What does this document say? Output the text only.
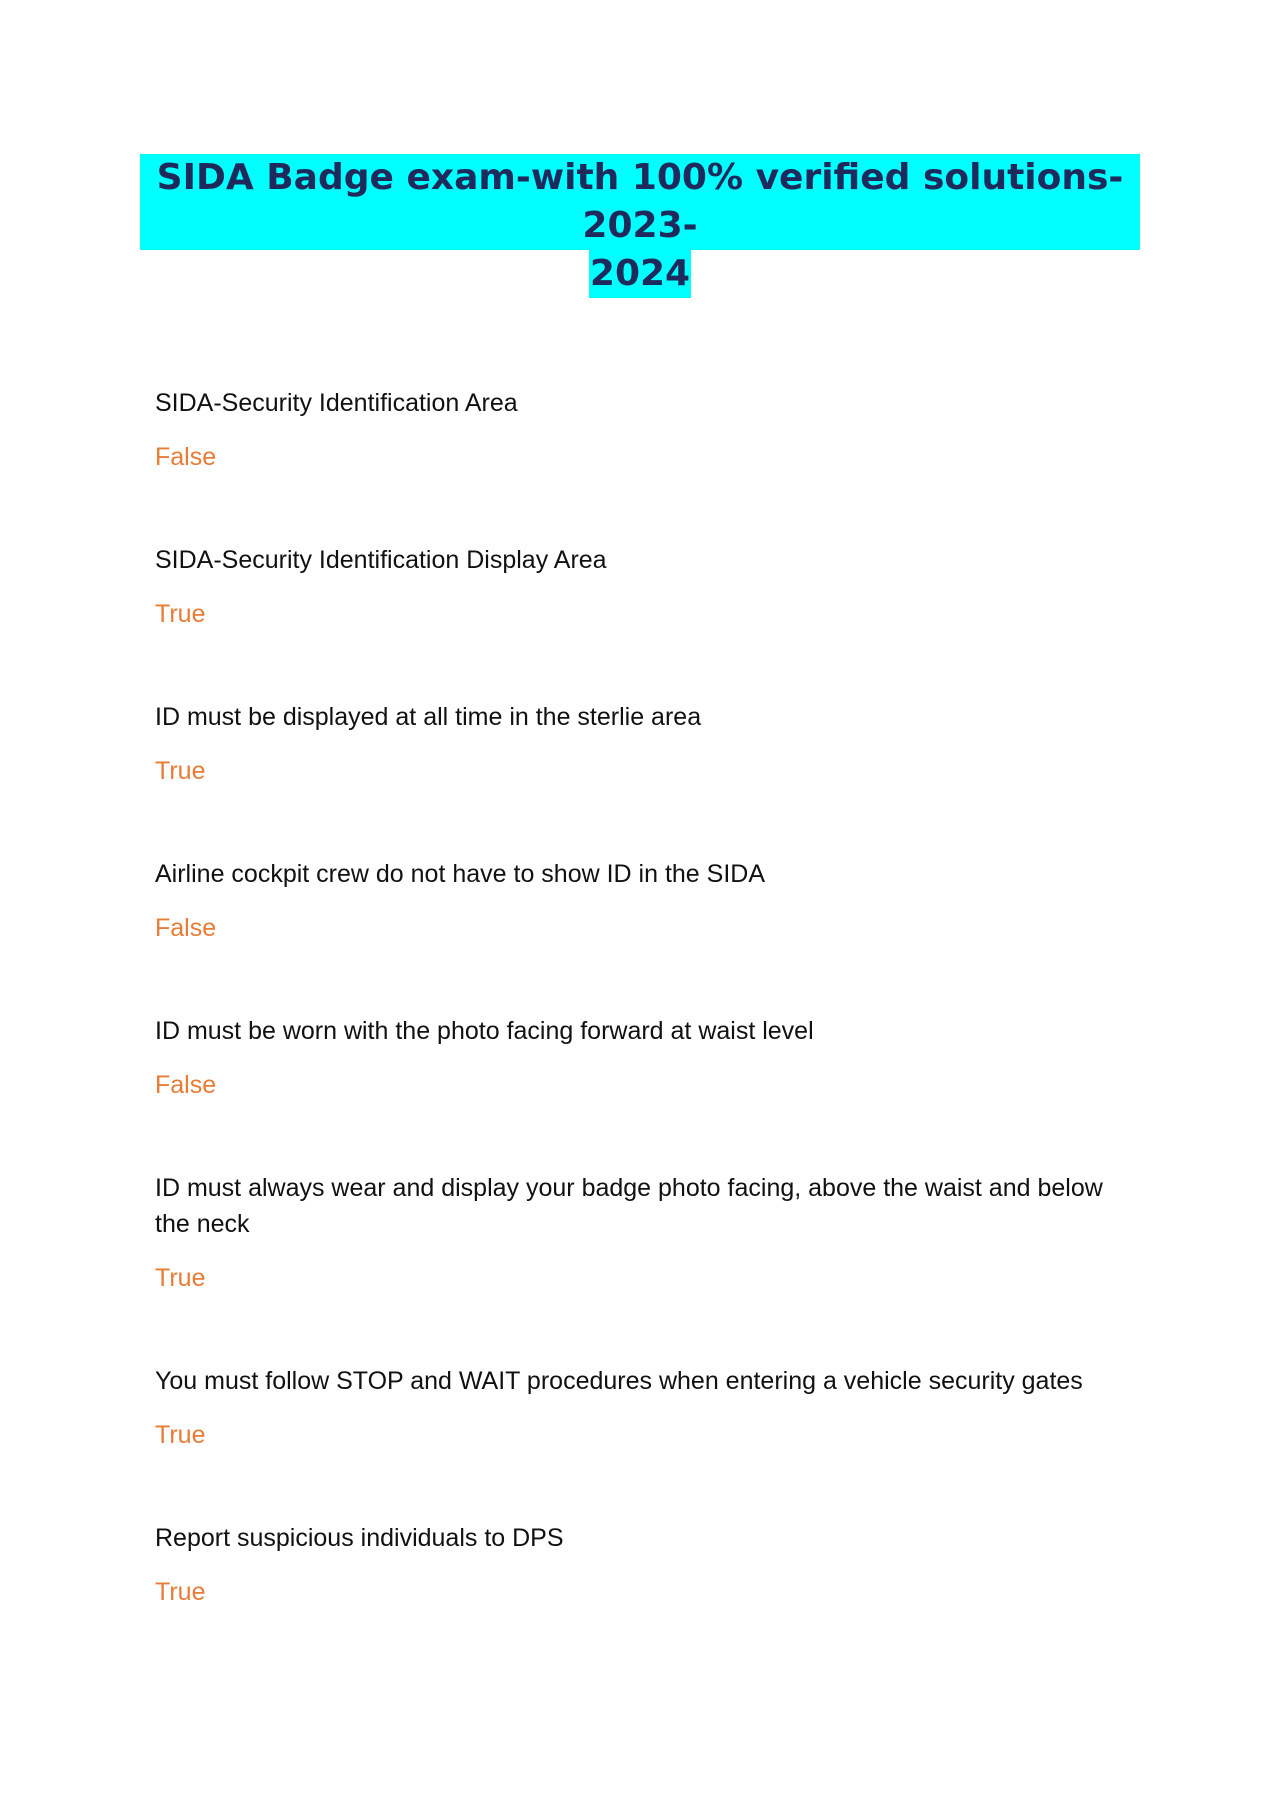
SIDA Badge exam-with 100% verified solutions-2023-
2024

SIDA-Security Identification Area

False

SIDA-Security Identification Display Area

True

ID must be displayed at all time in the sterlie area

True

Airline cockpit crew do not have to show ID in the SIDA

False

ID must be worn with the photo facing forward at waist level

False

ID must always wear and display your badge photo facing, above the waist and below the neck

True

You must follow STOP and WAIT procedures when entering a vehicle security gates

True

Report suspicious individuals to DPS

True
